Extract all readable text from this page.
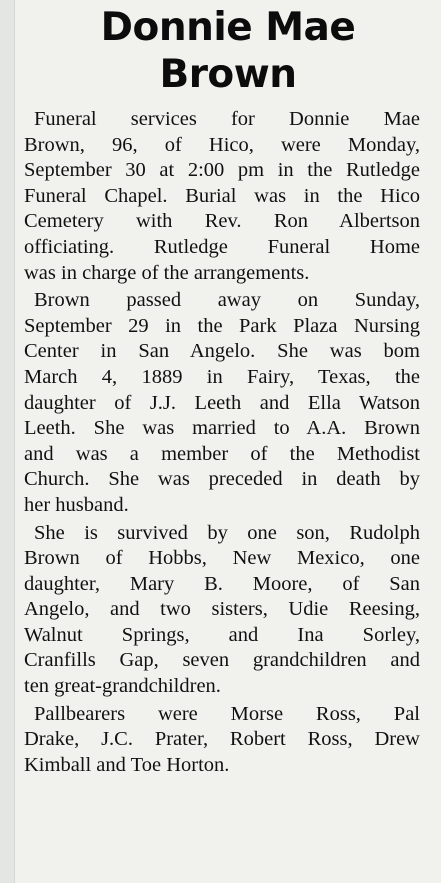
Donnie Mae
Brown

Funeral services for Donnie Mae
Brown, 96, of Hico, were Monday,
September 30 at 2:00 pm in the Rutledge
Funeral Chapel. Burial was in the Hico
Cemetery with Rev. Ron Albertson
officiating. Rutledge Funeral Home
was in charge of the arrangements.

Brown passed away on Sunday,
September 29 in the Park Plaza Nursing
Center in San Angelo. She was bom
March 4, 1889 in Fairy, Texas, the
daughter of J.J. Leeth and Ella Watson
Leeth. She was married to A.A. Brown
and was a member of the Methodist
Church. She was preceded in death by
her husband.

She is survived by one son, Rudolph
Brown of Hobbs, New Mexico, one
daughter, Mary B. Moore, of San
Angelo, and two sisters, Udie Reesing,
Walnut Springs, and Ina Sorley,
Cranfills Gap, seven grandchildren and
ten great-grandchildren.

Pallbearers were Morse Ross, Pal
Drake, J.C. Prater, Robert Ross, Drew
Kimball and Toe Horton.
